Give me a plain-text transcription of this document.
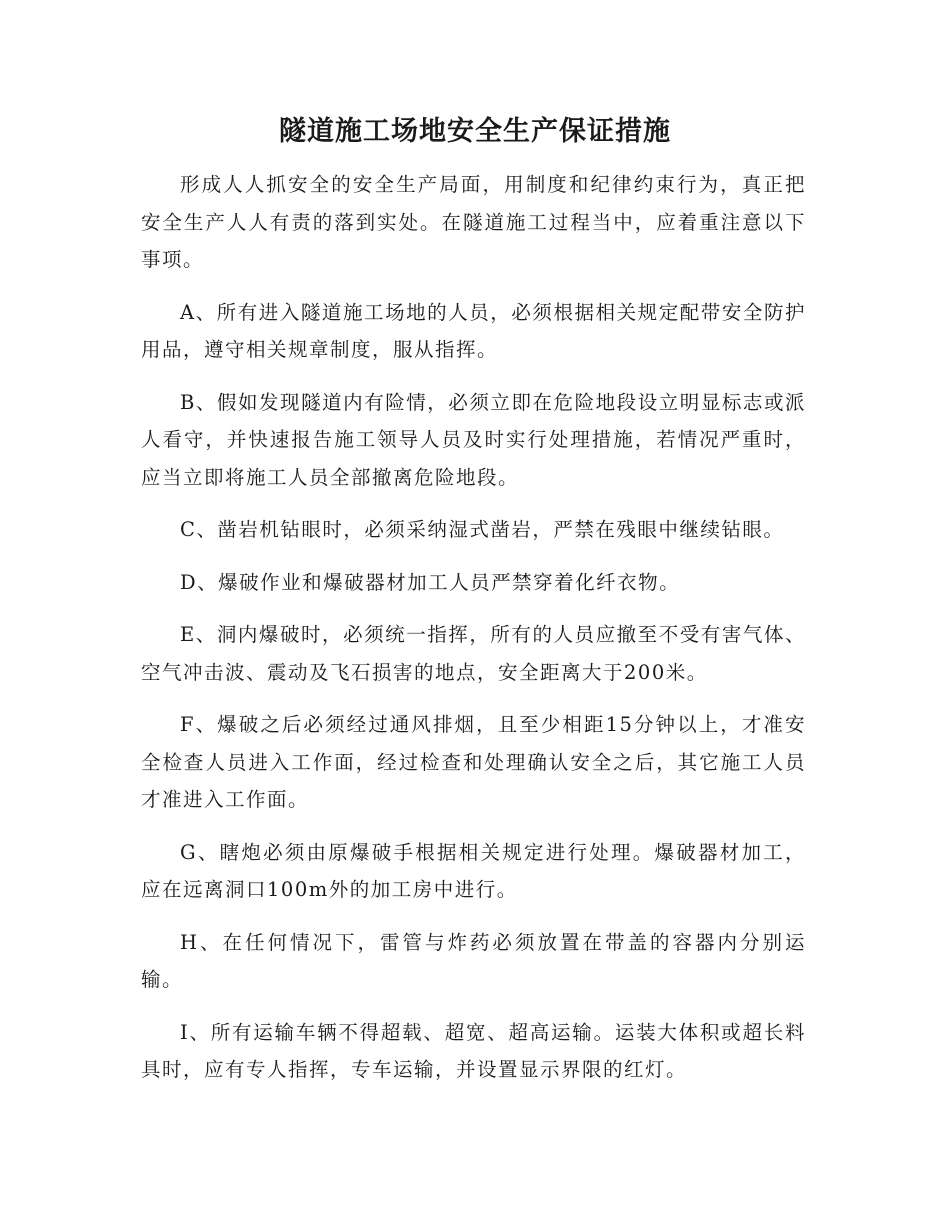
隧道施工场地安全生产保证措施

形成人人抓安全的安全生产局面，用制度和纪律约束行为，真正把安全生产人人有责的落到实处。在隧道施工过程当中，应着重注意以下事项。

A、所有进入隧道施工场地的人员，必须根据相关规定配带安全防护用品，遵守相关规章制度，服从指挥。

B、假如发现隧道内有险情，必须立即在危险地段设立明显标志或派人看守，并快速报告施工领导人员及时实行处理措施，若情况严重时，应当立即将施工人员全部撤离危险地段。

C、凿岩机钻眼时，必须采纳湿式凿岩，严禁在残眼中继续钻眼。

D、爆破作业和爆破器材加工人员严禁穿着化纤衣物。

E、洞内爆破时，必须统一指挥，所有的人员应撤至不受有害气体、空气冲击波、震动及飞石损害的地点，安全距离大于200米。

F、爆破之后必须经过通风排烟，且至少相距15分钟以上，才准安全检查人员进入工作面，经过检查和处理确认安全之后，其它施工人员才准进入工作面。

G、瞎炮必须由原爆破手根据相关规定进行处理。爆破器材加工，应在远离洞口100m外的加工房中进行。

H、在任何情况下，雷管与炸药必须放置在带盖的容器内分别运输。

I、所有运输车辆不得超载、超宽、超高运输。运装大体积或超长料具时，应有专人指挥，专车运输，并设置显示界限的红灯。
